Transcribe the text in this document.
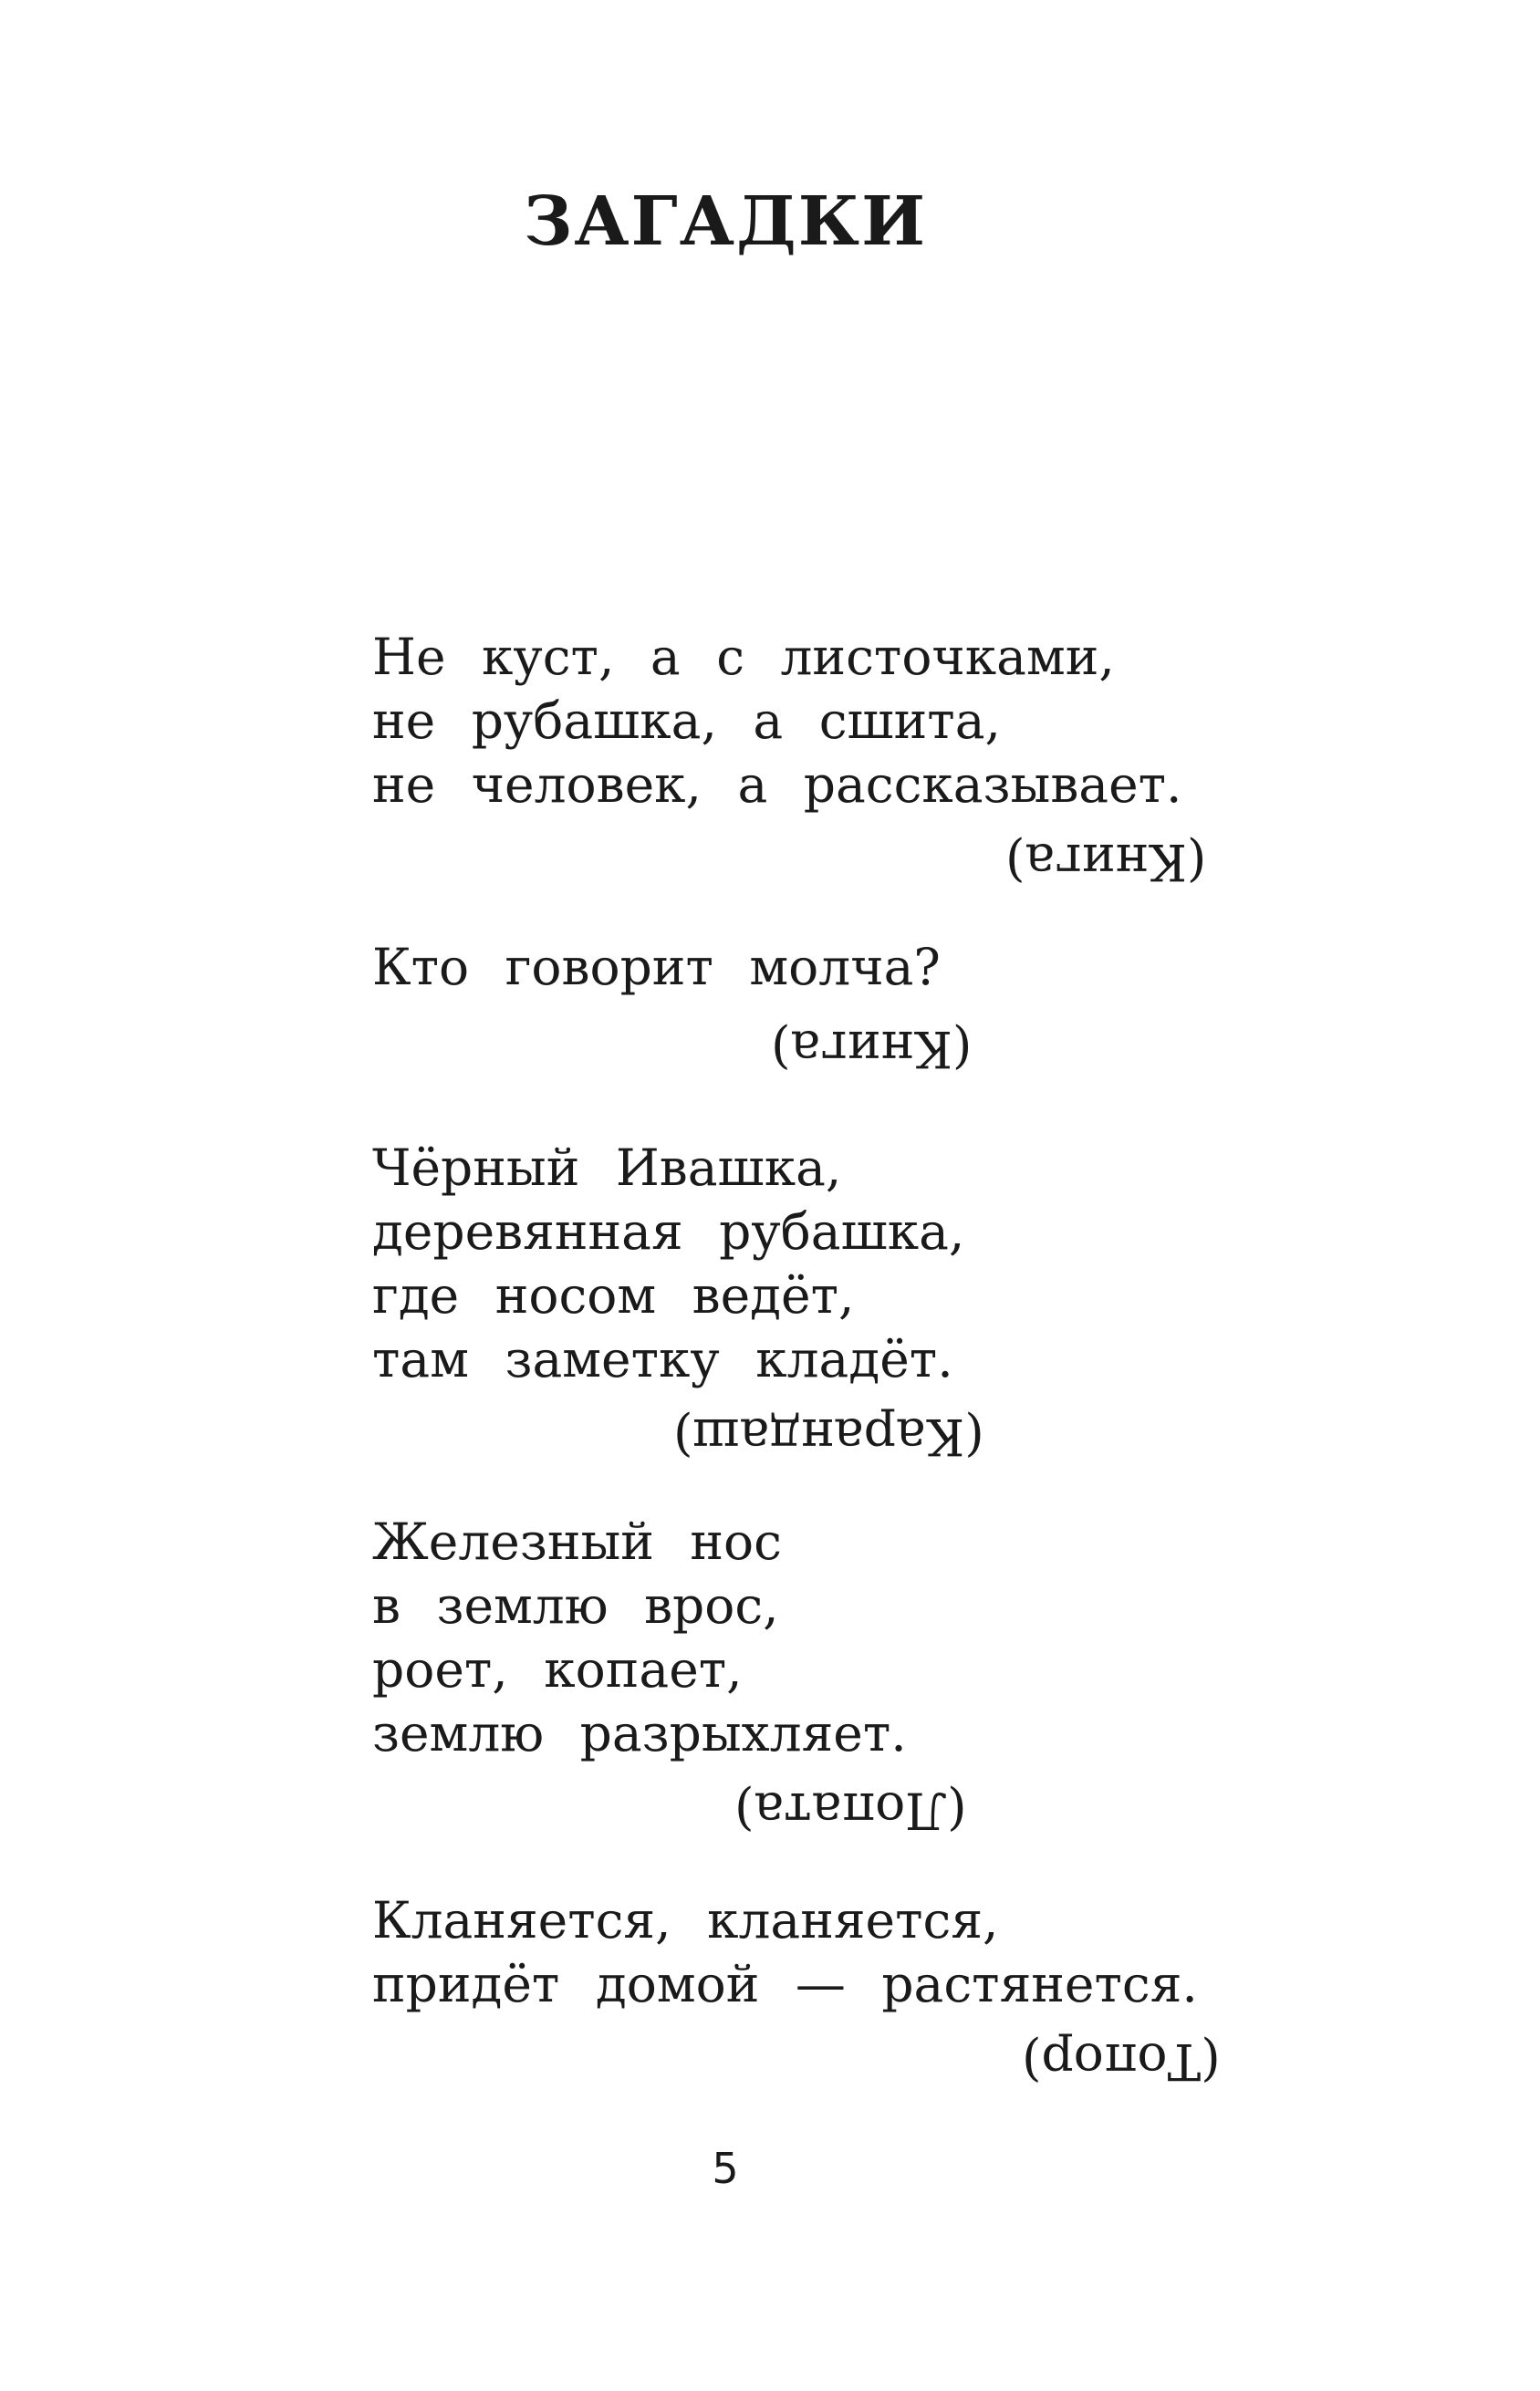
ЗАГАДКИ
Не куст, а с листочками,
не рубашка, а сшита,
не человек, а рассказывает.
(Книга)
Кто говорит молча?
(Книга)
Чёрный Ивашка,
деревянная рубашка,
где носом ведёт,
там заметку кладёт.
(Карандаш)
Железный нос
в землю врос,
роет, копает,
землю разрыхляет.
(Лопата)
Кланяется, кланяется,
придёт домой — растянется.
(Топор)
5
